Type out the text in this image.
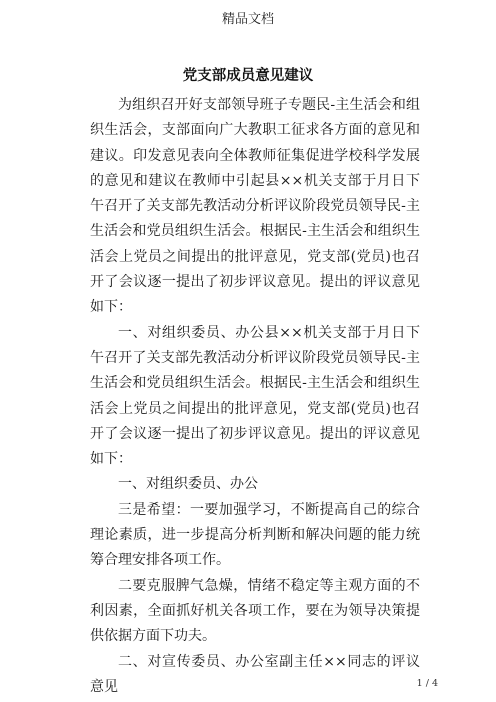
精品文档
党支部成员意见建议

为组织召开好支部领导班子专题民-主生活会和组织生活会，支部面向广大教职工征求各方面的意见和建议。印发意见表向全体教师征集促进学校科学发展的意见和建议在教师中引起县××机关支部于月日下午召开了关支部先教活动分析评议阶段党员领导民-主生活会和党员组织生活会。根据民-主生活会和组织生活会上党员之间提出的批评意见，党支部(党员)也召开了会议逐一提出了初步评议意见。提出的评议意见如下：

一、对组织委员、办公县××机关支部于月日下午召开了关支部先教活动分析评议阶段党员领导民-主生活会和党员组织生活会。根据民-主生活会和组织生活会上党员之间提出的批评意见，党支部(党员)也召开了会议逐一提出了初步评议意见。提出的评议意见如下：

一、对组织委员、办公

三是希望：一要加强学习，不断提高自己的综合理论素质，进一步提高分析判断和解决问题的能力统筹合理安排各项工作。

二要克服脾气急燥，情绪不稳定等主观方面的不利因素，全面抓好机关各项工作，要在为领导决策提供依据方面下功夫。

二、对宣传委员、办公室副主任××同志的评议意见	1 / 4
